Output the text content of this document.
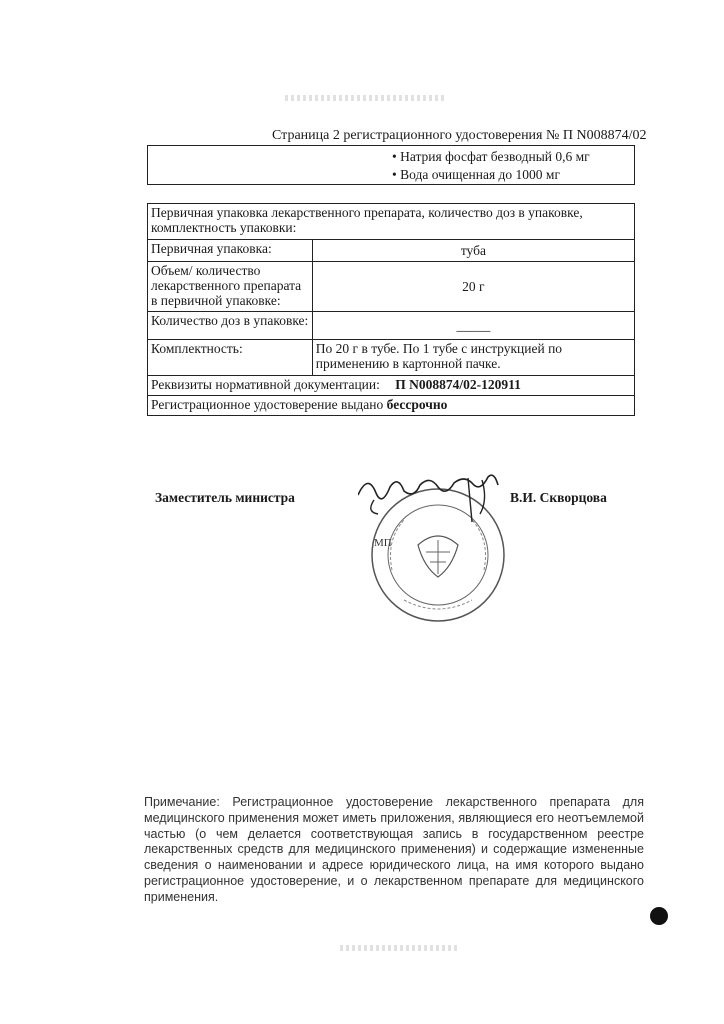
Страница 2 регистрационного удостоверения № П N008874/02
• Натрия фосфат безводный 0,6 мг
• Вода очищенная до 1000 мг
Первичная упаковка лекарственного препарата, количество доз в упаковке, комплектность упаковки:	
Первичная упаковка:	туба
Объем/ количество лекарственного препарата в первичной упаковке:	20 г
Количество доз в упаковке:	_____
Комплектность:	По 20 г в тубе. По 1 тубе с инструкцией по применению в картонной пачке.
Реквизиты нормативной документации: П N008874/02-120911	
Регистрационное удостоверение выдано бессрочно	
Заместитель министра	В.И. Скворцова
МП
Примечание: Регистрационное удостоверение лекарственного препарата для медицинского применения может иметь приложения, являющиеся его неотъемлемой частью (о чем делается соответствующая запись в государственном реестре лекарственных средств для медицинского применения) и содержащие измененные сведения о наименовании и адресе юридического лица, на имя которого выдано регистрационное удостоверение, и о лекарственном препарате для медицинского применения.
